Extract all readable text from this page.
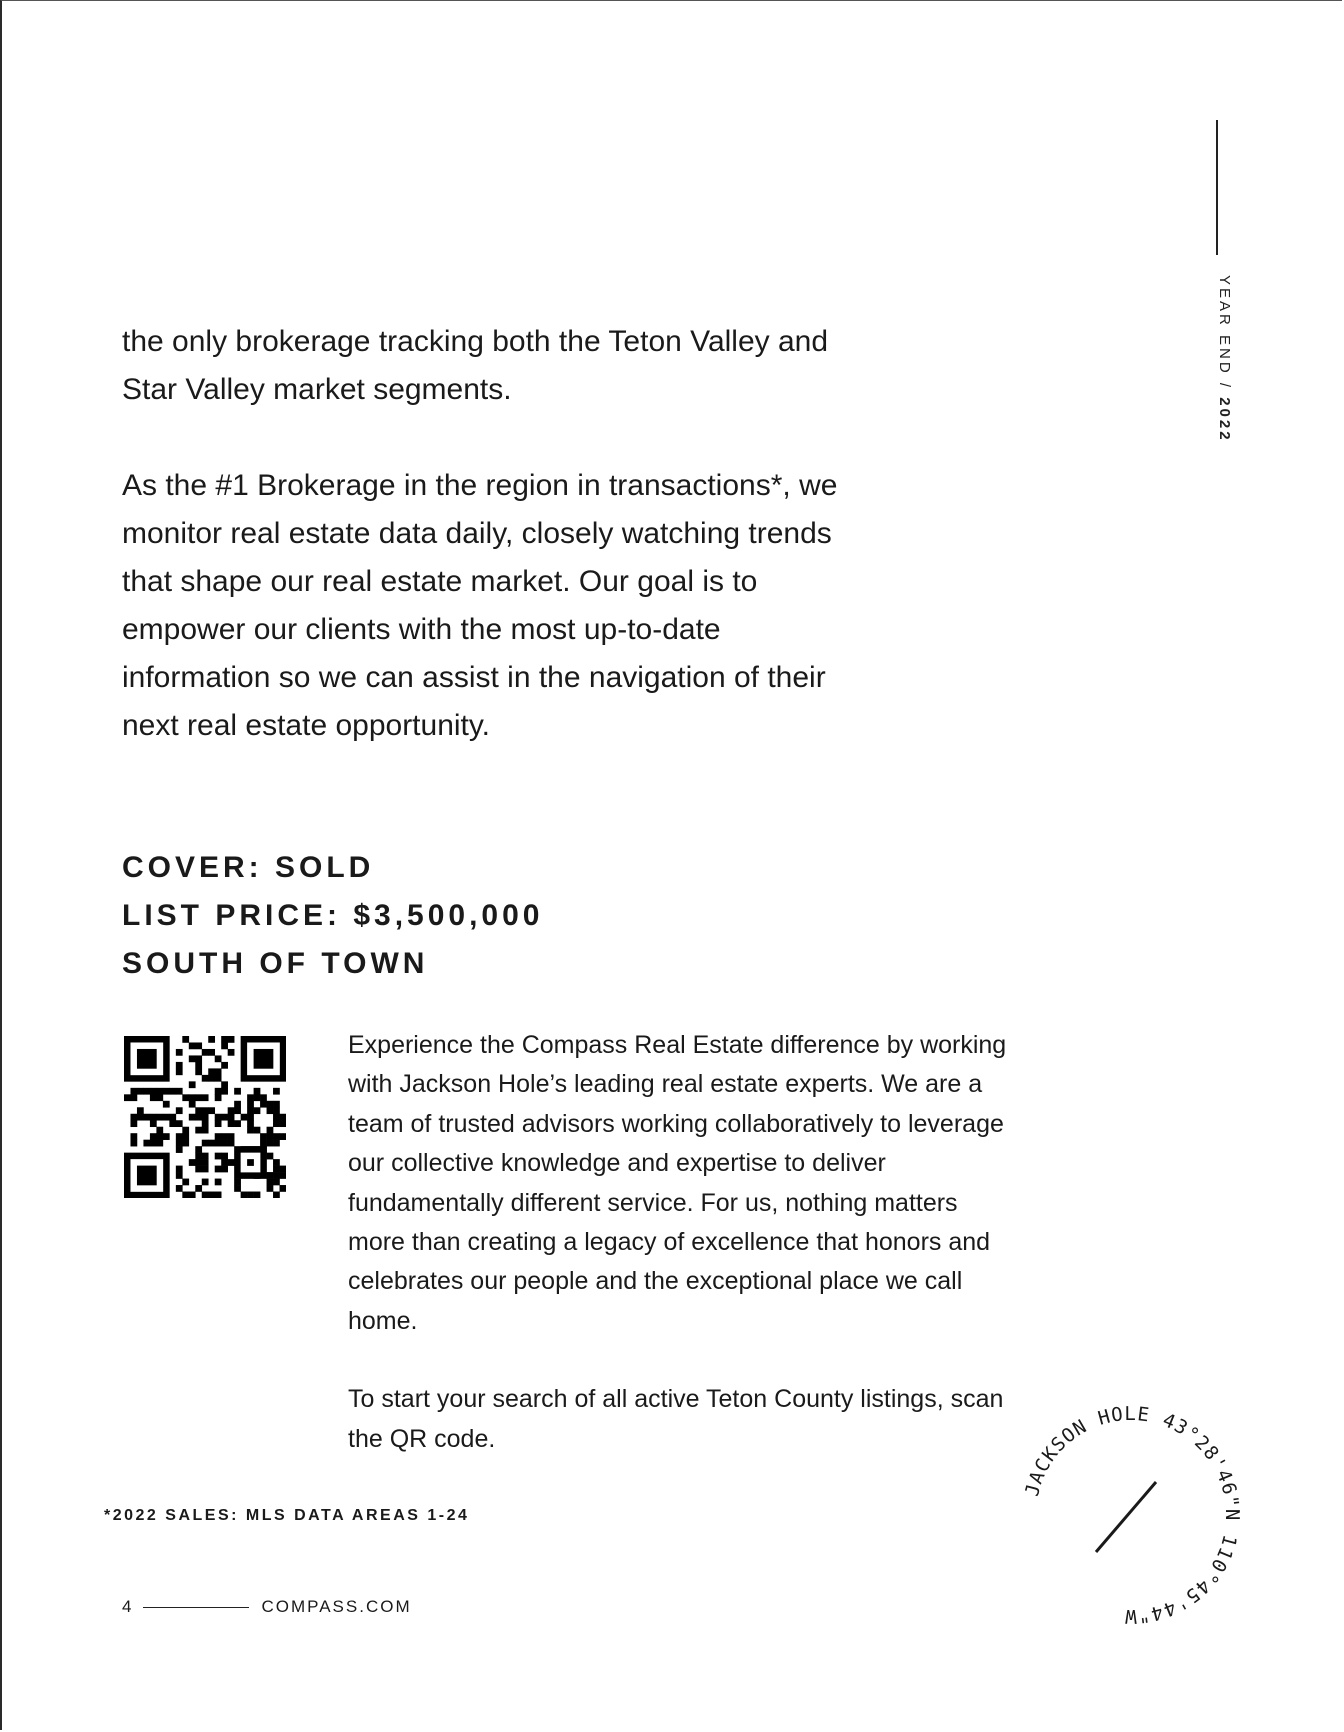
YEAR END / 2022

the only brokerage tracking both the Teton Valley and Star Valley market segments.

As the #1 Brokerage in the region in transactions*, we monitor real estate data daily, closely watching trends that shape our real estate market. Our goal is to empower our clients with the most up-to-date information so we can assist in the navigation of their next real estate opportunity.

COVER: SOLD
LIST PRICE: $3,500,000
SOUTH OF TOWN

Experience the Compass Real Estate difference by working with Jackson Hole’s leading real estate experts. We are a team of trusted advisors working collaboratively to leverage our collective knowledge and expertise to deliver fundamentally different service. For us, nothing matters more than creating a legacy of excellence that honors and celebrates our people and the exceptional place we call home.

To start your search of all active Teton County listings, scan the QR code.

*2022 SALES: MLS DATA AREAS 1-24
4	COMPASS.COM
JACKSON HOLE 43°28'46"N 110°45'44"W
